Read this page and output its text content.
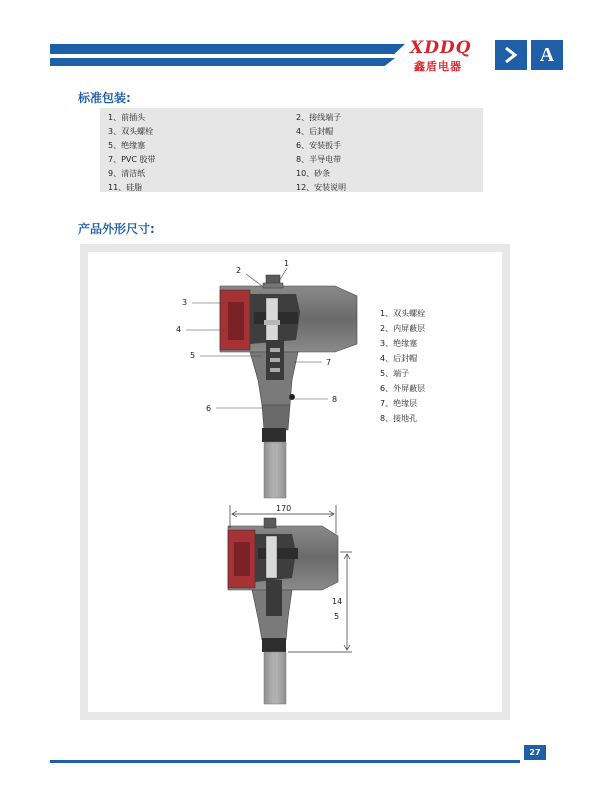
XDDQ
鑫盾电器
A
标准包装:
1、前插头
3、双头螺栓
5、绝缘塞
7、PVC 胶带
9、清洁纸
11、硅脂
2、接线端子
4、后封帽
6、安装扳手
8、半导电带
10、砂条
12、安装说明
产品外形尺寸:
1
2
3
4
5
7
6
8
170
14
5
1、双头螺栓
2、内屏蔽层
3、绝缘塞
4、后封帽
5、端子
6、外屏蔽层
7、绝缘层
8、接地孔
27
